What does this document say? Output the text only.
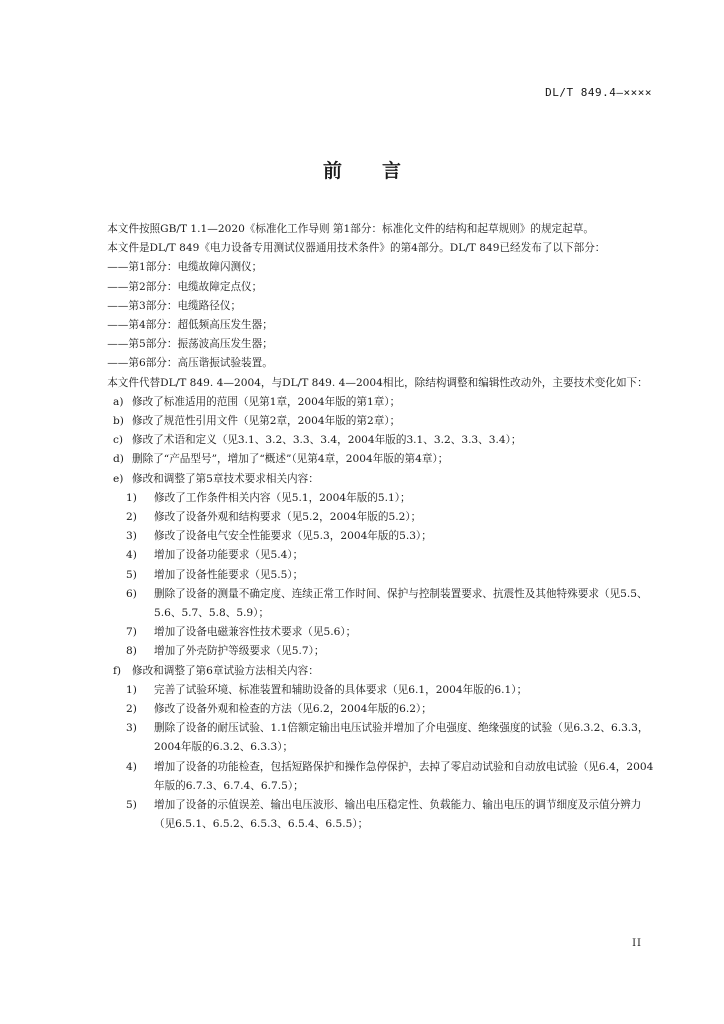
DL/T 849.4—××××
前言

本文件按照GB/T 1.1—2020《标准化工作导则 第1部分：标准化文件的结构和起草规则》的规定起草。

本文件是DL/T 849《电力设备专用测试仪器通用技术条件》的第4部分。DL/T 849已经发布了以下部分：

——第1部分：电缆故障闪测仪；

——第2部分：电缆故障定点仪；

——第3部分：电缆路径仪；

——第4部分：超低频高压发生器；

——第5部分：振荡波高压发生器；

——第6部分：高压谐振试验装置。

本文件代替DL/T 849. 4—2004，与DL/T 849. 4—2004相比，除结构调整和编辑性改动外，主要技术变化如下：

a) 修改了标准适用的范围（见第1章，2004年版的第1章）；

b) 修改了规范性引用文件（见第2章，2004年版的第2章）；

c) 修改了术语和定义（见3.1、3.2、3.3、3.4，2004年版的3.1、3.2、3.3、3.4）；

d) 删除了“产品型号”，增加了“概述”（见第4章，2004年版的第4章）；

e) 修改和调整了第5章技术要求相关内容：

1) 修改了工作条件相关内容（见5.1，2004年版的5.1）；

2) 修改了设备外观和结构要求（见5.2，2004年版的5.2）；

3) 修改了设备电气安全性能要求（见5.3，2004年版的5.3）；

4) 增加了设备功能要求（见5.4）；

5) 增加了设备性能要求（见5.5）；

6) 删除了设备的测量不确定度、连续正常工作时间、保护与控制装置要求、抗震性及其他特殊要求（见5.5、5.6、5.7、5.8、5.9）；

7) 增加了设备电磁兼容性技术要求（见5.6）；

8) 增加了外壳防护等级要求（见5.7）；

f) 修改和调整了第6章试验方法相关内容：

1) 完善了试验环境、标准装置和辅助设备的具体要求（见6.1，2004年版的6.1）；

2) 修改了设备外观和检查的方法（见6.2，2004年版的6.2）；

3) 删除了设备的耐压试验、1.1倍额定输出电压试验并增加了介电强度、绝缘强度的试验（见6.3.2、6.3.3，2004年版的6.3.2、6.3.3）；

4) 增加了设备的功能检查，包括短路保护和操作急停保护，去掉了零启动试验和自动放电试验（见6.4，2004年版的6.7.3、6.7.4、6.7.5）；

5) 增加了设备的示值误差、输出电压波形、输出电压稳定性、负载能力、输出电压的调节细度及示值分辨力（见6.5.1、6.5.2、6.5.3、6.5.4、6.5.5）；

II
